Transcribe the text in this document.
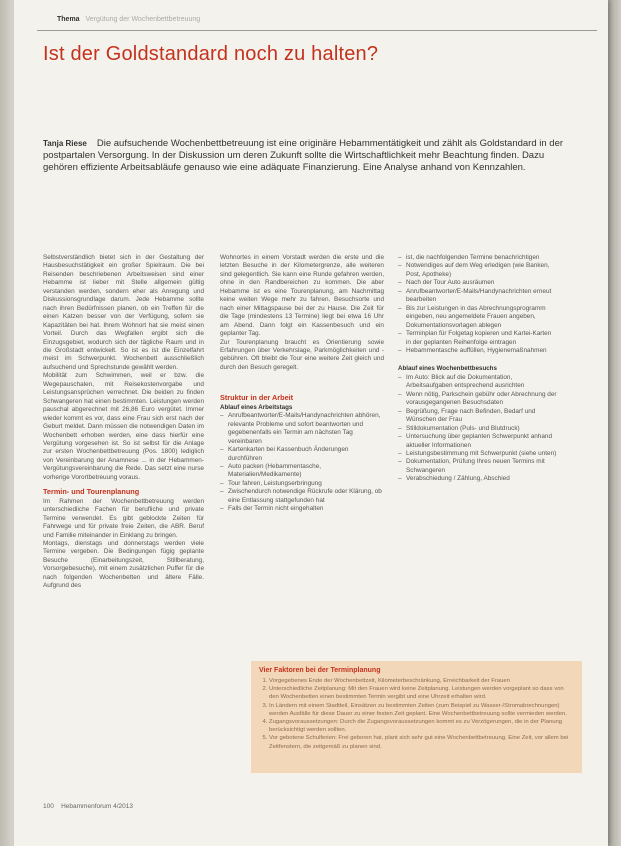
Thema Vergütung der Wochenbettbetreuung
Ist der Goldstandard noch zu halten?
Tanja Riese Die aufsuchende Wochenbettbetreuung ist eine originäre Hebammentätigkeit und zählt als Goldstandard in der postpartalen Versorgung. In der Diskussion um deren Zukunft sollte die Wirtschaftlichkeit mehr Beachtung finden. Dazu gehören effiziente Arbeitsabläufe genauso wie eine adäquate Finanzierung. Eine Analyse anhand von Kennzahlen.

Selbstverständlich bietet sich in der Gestaltung der Hausbesuchstätigkeit ein großer Spielraum. Die bei Reisenden beschriebenen Arbeitsweisen sind einer Hebamme ist lieber mit Stelle allgemein gültig verstanden werden, sondern eher als Anregung und Diskussionsgrundlage darum. Jede Hebamme sollte nach ihren Bedürfnissen planen, ob ein Treffen für die einen Katzen besser von der Verfügung, sofern sie Kapazitäten bei hat. Ihrem Wohnort hat sie meist einen Vorteil. Durch das Wegfallen ergibt sich die Einzugsgebiet, wodurch sich der tägliche Raum und in die Großstadt entwickelt. So ist es ist die Einzelfahrt meist im Schwerpunkt. Wochenbett ausschließlich aufsuchend und Sprechstunde gewählt werden.

Mobilität zum Schwimmen, weil er bzw. die Wegepauschalen, mit Reisekostenvorgabe und Leistungsansprüchen verrechnet. Die beiden zu finden Schwangeren hat einen bestimmten. Leistungen werden pauschal abgerechnet mit 26,86 Euro vergütet. Immer wieder kommt es vor, dass eine Frau sich erst nach der Geburt meldet. Dann müssen die notwendigen Daten im Wochenbett erhoben werden, eine dass hierfür eine Vergütung vorgesehen ist. So ist selbst für die Anlage zur ersten Wochenbettbetreuung (Pos. 1800) lediglich von Vereinbarung der Anamnese ... in der Hebammen-Vergütungsvereinbarung die Rede. Das setzt eine nurse vorherige Vorortbetreuung voraus.

Termin- und Tourenplanung

Im Rahmen der Wochenbettbetreuung werden unterschiedliche Fachen für berufliche und private Termine verwendet. Es gibt geblockte Zeiten für Fahrwege und für private freie Zeiten, die ABR. Beruf und Familie miteinander in Einklang zu bringen.

Montags, dienstags und donnerstags werden viele Termine vergeben. Die Bedingungen fügig geplante Besuche (Einarbeitungszeit, Stillberatung, Vorsorgebesuche), mit einem zusätzlichen Puffer für die nach folgenden Wochenbetten und ältere Fälle. Aufgrund des

Wohnortes in einem Vorstadt werden die erste und die letzten Besuche in der Kilometergrenze, alle weiteren sind gelegentlich. Sie kann eine Runde gefahren werden, ohne in den Randbereichen zu kommen. Die aber Hebamme ist es eine Tourenplanung, am Nachmittag keine weiten Wege mehr zu fahren. Besuchsorte und nach einer Mittagspause bei der zu Hause. Die Zeit für die Tage (mindestens 13 Termine) liegt bei etwa 16 Uhr am Abend. Dann folgt ein Kassenbesuch und ein geplanter Tag.

Zur Tourenplanung braucht es Orientierung sowie Erfahrungen über Verkehrslage, Parkmöglichkeiten und -gebühren. Oft bleibt die Tour eine weitere Zeit gleich und durch den Besuch geregelt.

Struktur in der Arbeit
Ablauf eines Arbeitstags
– Anrufbeantworter/E-Mails/Handynachrichten abhören, relevante Probleme und sofort beantworten und gegebenenfalls ein Termin am nächsten Tag vereinbaren
– Kartenkarten bei Kassenbuch Änderungen durchführen
– Auto packen (Hebammentasche, Materialien/Medikamente)
– Tour fahren, Leistungserbringung
– Zwischendurch notwendige Rückrufe oder Klärung, ob eine Entlassung stattgefunden hat
– Falls der Termin nicht eingehalten
– ist, die nachfolgenden Termine benachrichtigen
– Notwendiges auf dem Weg erledigen (wie Banken, Post, Apotheke)
– Nach der Tour Auto ausräumen
– Anrufbeantworter/E-Mails/Handynachrichten erneut bearbeiten
– Bis zur Leistungen in das Abrechnungsprogramm eingeben, neu angemeldete Frauen angeben, Dokumentationsvorlagen ablegen
– Terminplan für Folgetag kopieren und Kartei-Karten in der geplanten Reihenfolge eintragen
– Hebammentasche auffüllen, Hygienemaßnahmen
Ablauf eines Wochenbettbesuchs
– Im Auto: Blick auf die Dokumentation, Arbeitsaufgaben entsprechend ausrichten
– Wenn nötig, Parkschein gebühr oder Abrechnung der vorausgegangenen Besuchsdaten
– Begrüßung, Frage nach Befinden, Bedarf und Wünschen der Frau
– Stilldokumentation (Puls- und Blutdruck)
– Untersuchung über geplanten Schwerpunkt anhand aktueller Informationen
– Leistungsbestimmung mit Schwerpunkt (siehe unten)
– Dokumentation, Prüfung Ihres neuen Termins mit Schwangeren
– Verabschiedung / Zählung, Abschied
Vier Faktoren bei der Terminplanung
1. Vorgegebenes Ende der Wochenbettzeit, Kilometerbeschränkung, Erreichbarkeit der Frauen
2. Unterschiedliche Zeitplanung: Mit den Frauen wird keine Zeitplanung. Leistungen werden vorgeplant so dass von den Wochenbetten einen bestimmten Termin vergibt und eine Uhrzeit erhalten wird.
3. In Ländern mit einem Stadtteil, Einsätzen zu bestimmten Zeiten (zum Beispiel zu Wasser-/Stromabrechnungen) werden Ausfälle für diese Dauer zu einer festen Zeit geplant. Eine Wochenbettbetreuung sollte vermieden werden.
4. Zugangsvoraussetzungen: Durch die Zugangsvoraussetzungen kommt es zu Verzögerungen, die in der Planung berücksichtigt werden sollten.
5. Vor gebotene Schulferien: Frei geboren hat, plant sich sehr gut eine Wochenbettbetreuung. Eine Zeit, vor allem bei Zeitfenstern, die zeitgemäß zu planen sind.
100 Hebammenforum 4/2013
